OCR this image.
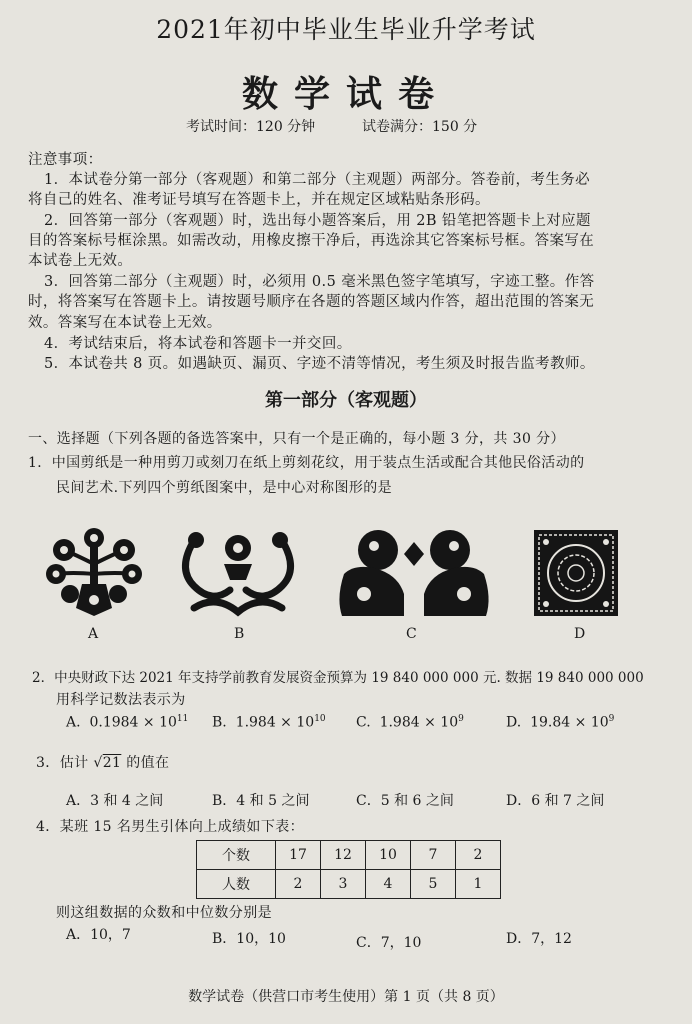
2021年初中毕业生毕业升学考试
数学试卷
考试时间：120 分钟	试卷满分：150 分
注意事项：
1．本试卷分第一部分（客观题）和第二部分（主观题）两部分。答卷前，考生务必
将自己的姓名、准考证号填写在答题卡上，并在规定区域粘贴条形码。
2．回答第一部分（客观题）时，选出每小题答案后，用 2B 铅笔把答题卡上对应题
目的答案标号框涂黑。如需改动，用橡皮擦干净后，再选涂其它答案标号框。答案写在
本试卷上无效。
3．回答第二部分（主观题）时，必须用 0.5 毫米黑色签字笔填写，字迹工整。作答
时，将答案写在答题卡上。请按题号顺序在各题的答题区域内作答，超出范围的答案无
效。答案写在本试卷上无效。
4．考试结束后，将本试卷和答题卡一并交回。
5．本试卷共 8 页。如遇缺页、漏页、字迹不清等情况，考生须及时报告监考教师。
第一部分（客观题）
一、选择题（下列各题的备选答案中，只有一个是正确的，每小题 3 分，共 30 分）
1．中国剪纸是一种用剪刀或刻刀在纸上剪刻花纹，用于装点生活或配合其他民俗活动的
民间艺术.下列四个剪纸图案中，是中心对称图形的是
A	B	C	D
2．中央财政下达 2021 年支持学前教育发展资金预算为 19 840 000 000 元. 数据 19 840 000 000
用科学记数法表示为
A. $0.1984 \times 10^{11}$ B. $1.984 \times 10^{10}$ C. $1.984 \times 10^9$	D. $19.84 \times 10^9$
3．估计 √21 的值在
A．3 和 4 之间	B．4 和 5 之间	C．5 和 6 之间	D．6 和 7 之间
4．某班 15 名男生引体向上成绩如下表：
个数	17	12	10	7	2
人数	2	3	4	5	1
则这组数据的众数和中位数分别是
A．10，7	B．10，10	C．7，10	D．7，12
数学试卷（供营口市考生使用）第 1 页（共 8 页）
